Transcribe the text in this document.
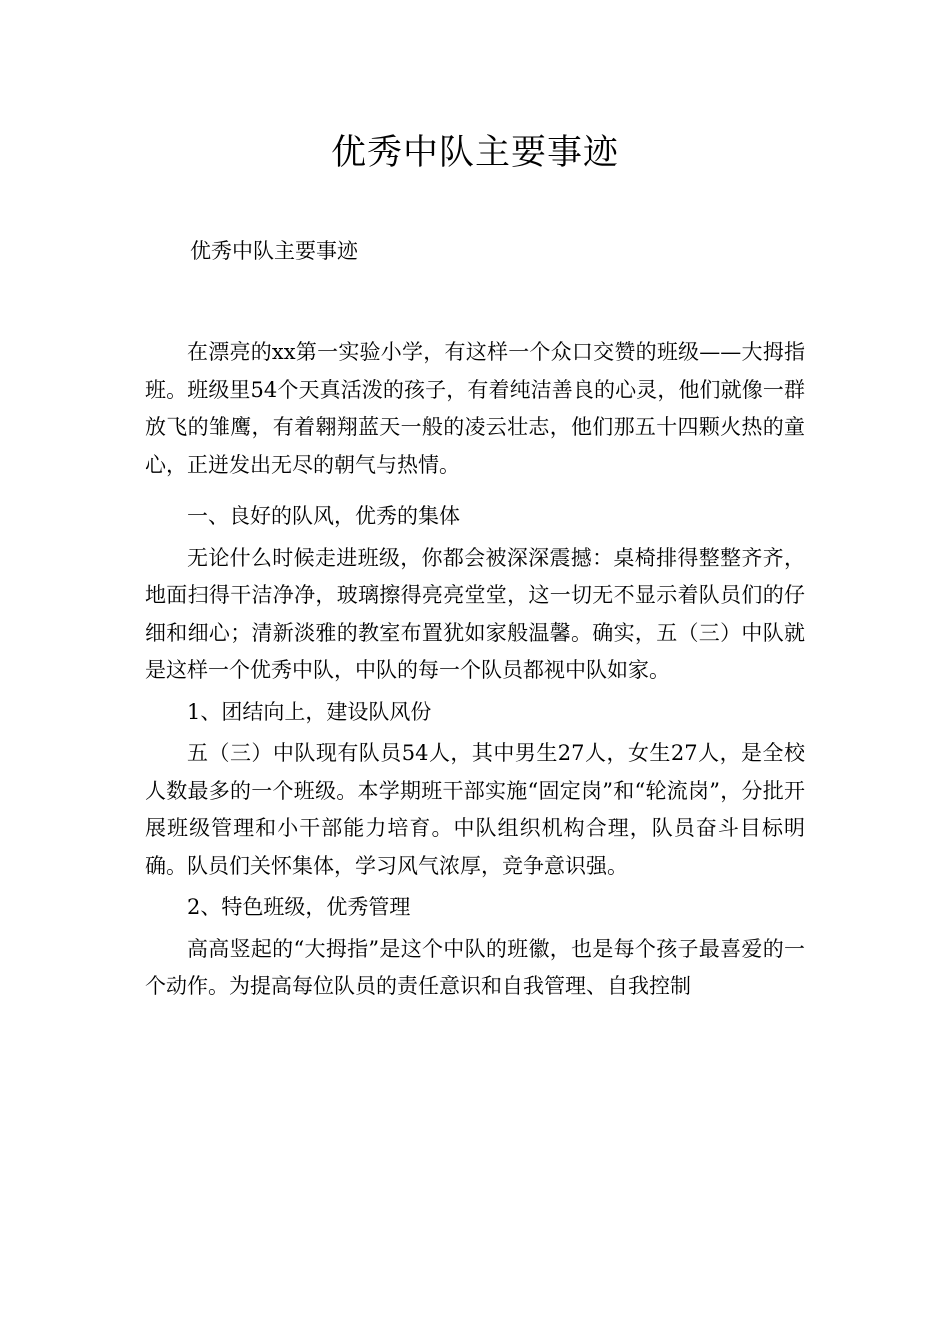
优秀中队主要事迹

优秀中队主要事迹

在漂亮的xx第一实验小学，有这样一个众口交赞的班级——大拇指班。班级里54个天真活泼的孩子，有着纯洁善良的心灵，他们就像一群放飞的雏鹰，有着翱翔蓝天一般的凌云壮志，他们那五十四颗火热的童心，正迸发出无尽的朝气与热情。

一、良好的队风，优秀的集体

无论什么时候走进班级，你都会被深深震撼：桌椅排得整整齐齐，地面扫得干洁净净，玻璃擦得亮亮堂堂，这一切无不显示着队员们的仔细和细心；清新淡雅的教室布置犹如家般温馨。确实，五（三）中队就是这样一个优秀中队，中队的每一个队员都视中队如家。

1、团结向上，建设队风份

五（三）中队现有队员54人，其中男生27人，女生27人，是全校人数最多的一个班级。本学期班干部实施“固定岗”和“轮流岗”，分批开展班级管理和小干部能力培育。中队组织机构合理，队员奋斗目标明确。队员们关怀集体，学习风气浓厚，竞争意识强。

2、特色班级，优秀管理

高高竖起的“大拇指”是这个中队的班徽，也是每个孩子最喜爱的一个动作。为提高每位队员的责任意识和自我管理、自我控制
